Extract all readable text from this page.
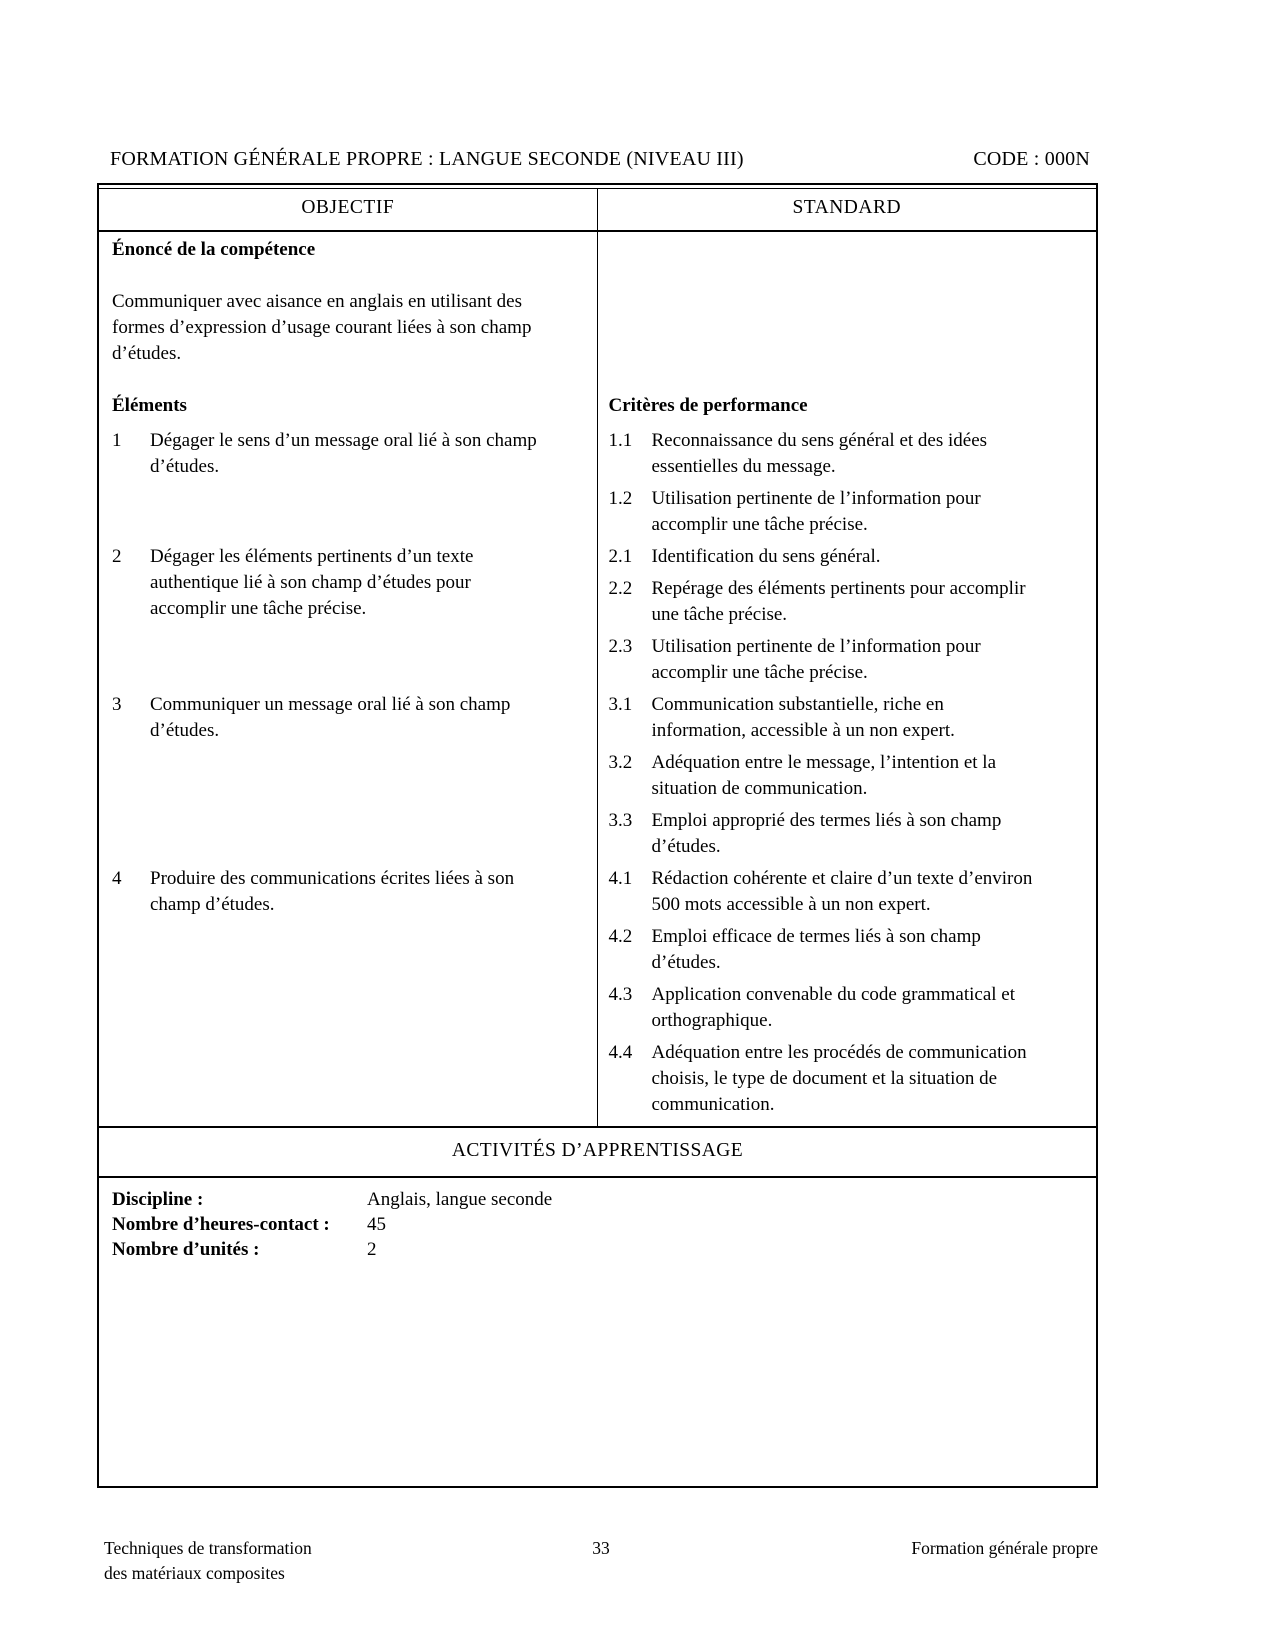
FORMATION GÉNÉRALE PROPRE : LANGUE SECONDE (NIVEAU III)	CODE : 000N
OBJECTIF	STANDARD
Énoncé de la compétence
Communiquer avec aisance en anglais en utilisant des formes d’expression d’usage courant liées à son champ d’études.
Éléments	Critères de performance
1	Dégager le sens d’un message oral lié à son champ d’études.
1.1	Reconnaissance du sens général et des idées essentielles du message.
1.2	Utilisation pertinente de l’information pour accomplir une tâche précise.
2	Dégager les éléments pertinents d’un texte authentique lié à son champ d’études pour accomplir une tâche précise.
2.1	Identification du sens général.
2.2	Repérage des éléments pertinents pour accomplir une tâche précise.
2.3	Utilisation pertinente de l’information pour accomplir une tâche précise.
3	Communiquer un message oral lié à son champ d’études.
3.1	Communication substantielle, riche en information, accessible à un non expert.
3.2	Adéquation entre le message, l’intention et la situation de communication.
3.3	Emploi approprié des termes liés à son champ d’études.
4	Produire des communications écrites liées à son champ d’études.
4.1	Rédaction cohérente et claire d’un texte d’environ 500 mots accessible à un non expert.
4.2	Emploi efficace de termes liés à son champ d’études.
4.3	Application convenable du code grammatical et orthographique.
4.4	Adéquation entre les procédés de communication choisis, le type de document et la situation de communication.
ACTIVITÉS D’APPRENTISSAGE
Discipline :	Anglais, langue seconde
Nombre d’heures-contact :	45
Nombre d’unités :	2
Techniques de transformation
des matériaux composites
33	Formation générale propre
